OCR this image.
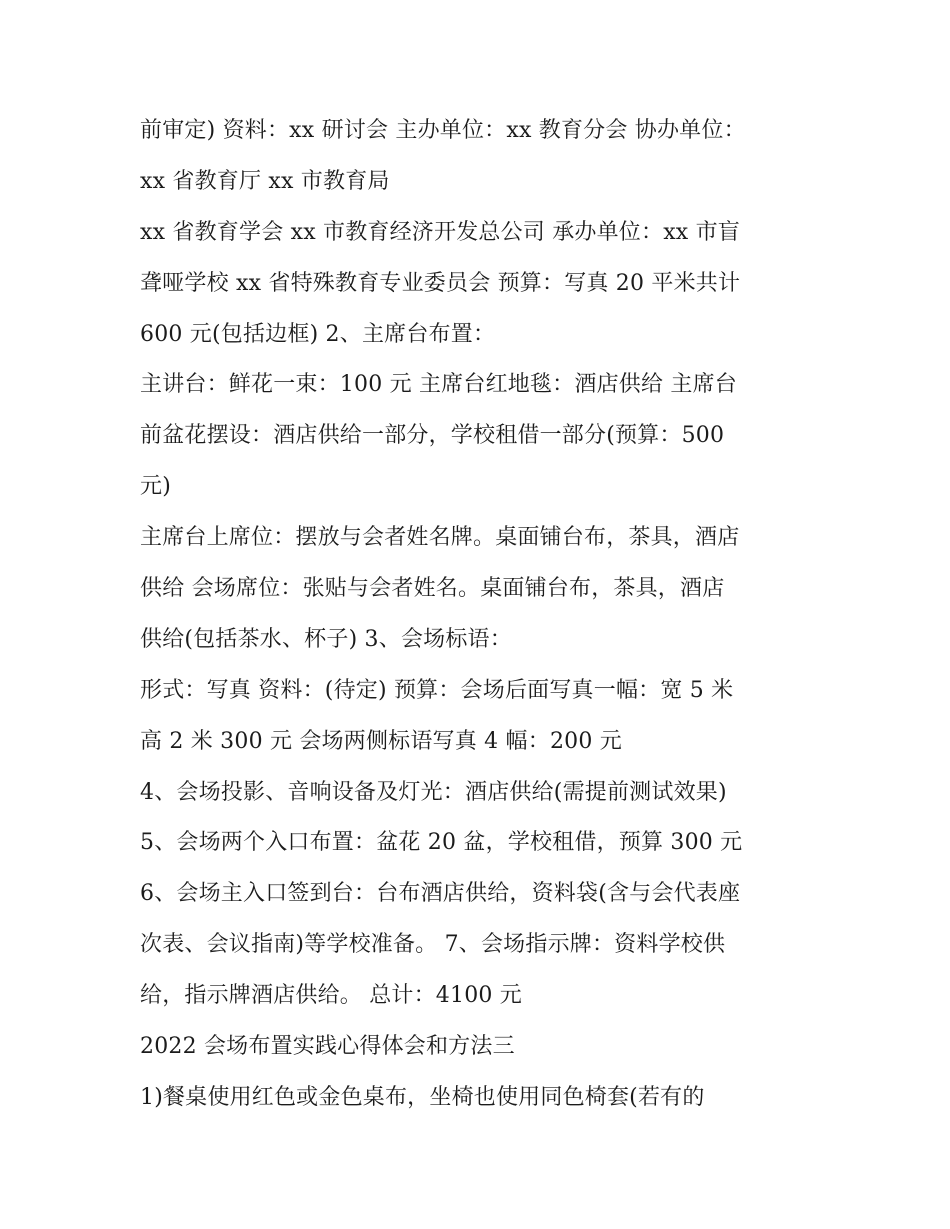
前审定) 资料：xx 研讨会 主办单位：xx 教育分会 协办单位：
xx 省教育厅 xx 市教育局
xx 省教育学会 xx 市教育经济开发总公司 承办单位：xx 市盲
聋哑学校 xx 省特殊教育专业委员会 预算：写真 20 平米共计
600 元(包括边框) 2、主席台布置：
主讲台：鲜花一束：100 元 主席台红地毯：酒店供给 主席台
前盆花摆设：酒店供给一部分，学校租借一部分(预算：500
元)
主席台上席位：摆放与会者姓名牌。桌面铺台布，茶具，酒店
供给 会场席位：张贴与会者姓名。桌面铺台布，茶具，酒店
供给(包括茶水、杯子) 3、会场标语：
形式：写真 资料：(待定) 预算：会场后面写真一幅：宽 5 米
高 2 米 300 元 会场两侧标语写真 4 幅：200 元
4、会场投影、音响设备及灯光：酒店供给(需提前测试效果)
5、会场两个入口布置：盆花 20 盆，学校租借，预算 300 元
6、会场主入口签到台：台布酒店供给，资料袋(含与会代表座
次表、会议指南)等学校准备。 7、会场指示牌：资料学校供
给，指示牌酒店供给。 总计：4100 元
2022 会场布置实践心得体会和方法三
1)餐桌使用红色或金色桌布，坐椅也使用同色椅套(若有的
